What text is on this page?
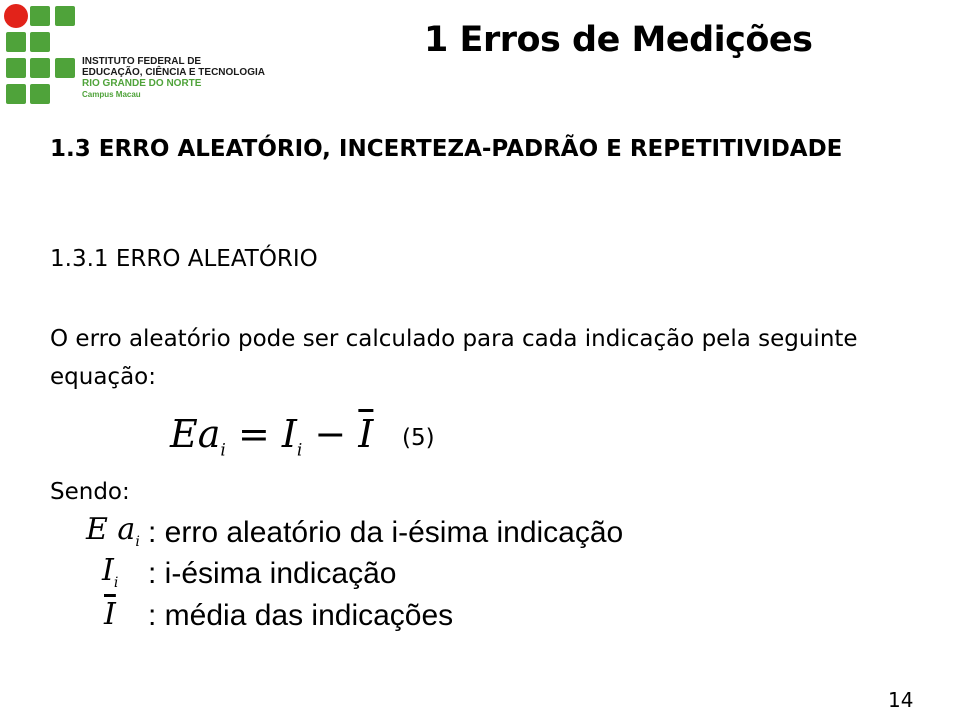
INSTITUTO FEDERAL DE
EDUCAÇÃO, CIÊNCIA E TECNOLOGIA
RIO GRANDE DO NORTE
Campus Macau
1 Erros de Medições
1.3 ERRO ALEATÓRIO, INCERTEZA-PADRÃO E REPETITIVIDADE
1.3.1 ERRO ALEATÓRIO
O erro aleatório pode ser calculado para cada indicação pela seguinte equação:
$Ea_i = I_i - \overline{I}$ (5)
Sendo:
E $a_i$ : erro aleatório da i-ésima indicação
$I_i$ : i-ésima indicação
$\overline{I}$ : média das indicações
14
